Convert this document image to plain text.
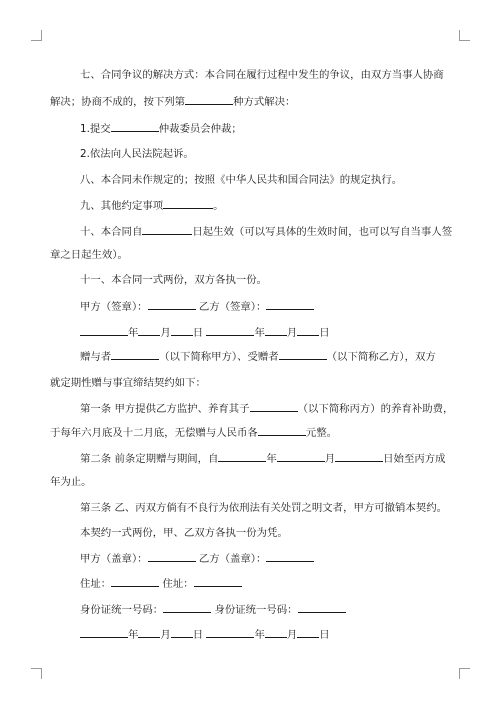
七、合同争议的解决方式：本合同在履行过程中发生的争议，由双方当事人协商
解决；协商不成的，按下列第	种方式解决：
1.提交	仲裁委员会仲裁；
2.依法向人民法院起诉。
八、本合同未作规定的；按照《中华人民共和国合同法》的规定执行。
九、其他约定事项	。
十、本合同自	日起生效（可以写具体的生效时间，也可以写自当事人签
章之日起生效）。
十一、本合同一式两份，双方各执一份。
甲方（签章）：	乙方（签章）：
年 月 日	年 月 日
赠与者	（以下简称甲方）、受赠者	（以下简称乙方），双方
就定期性赠与事宜缔结契约如下：
第一条 甲方提供乙方监护、养育其子	（以下简称丙方）的养育补助费，
于每年六月底及十二月底，无偿赠与人民币各	元整。
第二条 前条定期赠与期间，自	年	月	日始至丙方成
年为止。
第三条 乙、丙双方倘有不良行为依刑法有关处罚之明文者，甲方可撤销本契约。
本契约一式两份，甲、乙双方各执一份为凭。
甲方（盖章）：	乙方（盖章）：
住址：	住址：
身份证统一号码：	身份证统一号码：
年 月 日	年 月 日
